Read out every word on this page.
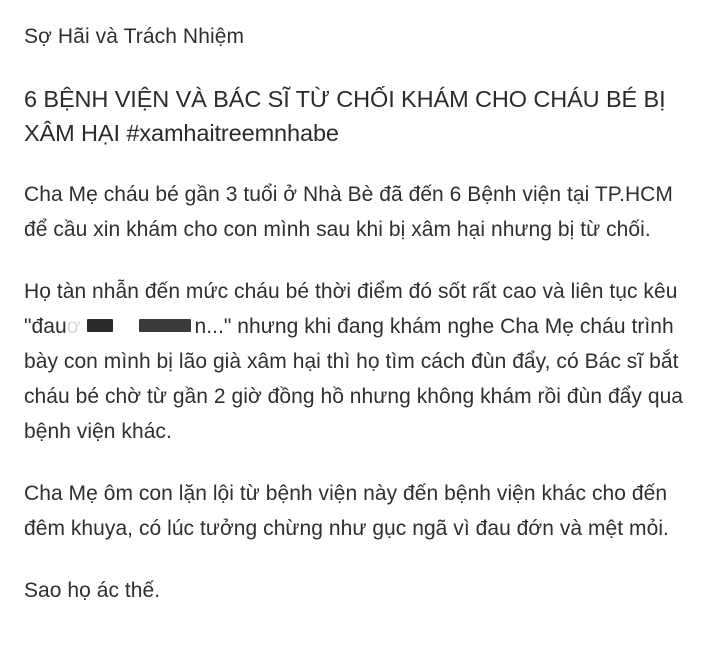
Sợ Hãi và Trách Nhiệm

6 BỆNH VIỆN VÀ BÁC SĨ TỪ CHỐI KHÁM CHO CHÁU BÉ BỊ
XÂM HẠI #xamhaitreemnhabe

Cha Mẹ cháu bé gần 3 tuổi ở Nhà Bè đã đến 6 Bệnh viện tại TP.HCM để cầu xin khám cho con mình sau khi bị xâm hại nhưng bị từ chối.

Họ tàn nhẫn đến mức cháu bé thời điểm đó sốt rất cao và liên tục kêu "đauơ	n..." nhưng khi đang khám nghe Cha Mẹ cháu trình bày con mình bị lão già xâm hại thì họ tìm cách đùn đẩy, có Bác sĩ bắt cháu bé chờ từ gần 2 giờ đồng hồ nhưng không khám rồi đùn đẩy qua bệnh viện khác.

Cha Mẹ ôm con lặn lội từ bệnh viện này đến bệnh viện khác cho đến đêm khuya, có lúc tưởng chừng như gục ngã vì đau đớn và mệt mỏi.

Sao họ ác thế.
